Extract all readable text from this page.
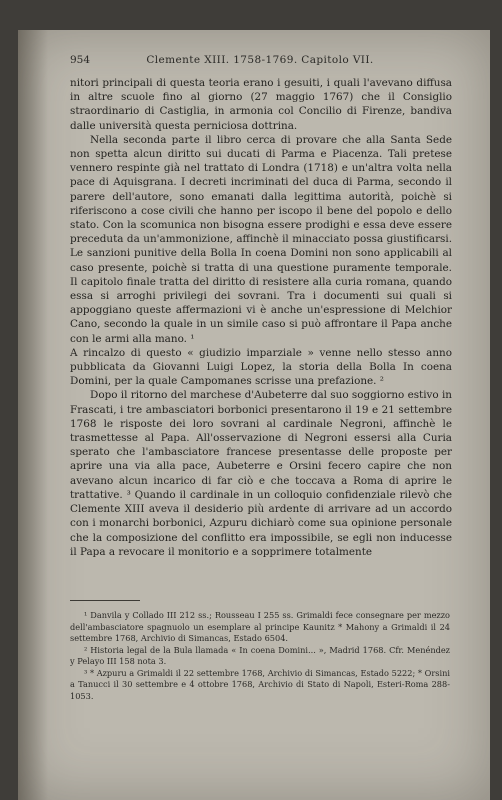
954	Clemente XIII. 1758-1769. Capitolo VII.

nitori principali di questa teoria erano i gesuiti, i quali l'avevano diffusa in altre scuole fino al giorno (27 maggio 1767) che il Consiglio straordinario di Castiglia, in armonia col Concilio di Firenze, bandiva dalle università questa perniciosa dottrina.

Nella seconda parte il libro cerca di provare che alla Santa Sede non spetta alcun diritto sui ducati di Parma e Piacenza. Tali pretese vennero respinte già nel trattato di Londra (1718) e un'altra volta nella pace di Aquisgrana. I decreti incriminati del duca di Parma, secondo il parere dell'autore, sono emanati dalla legittima autorità, poichè si riferiscono a cose civili che hanno per iscopo il bene del popolo e dello stato. Con la scomunica non bisogna essere prodighi e essa deve essere preceduta da un'ammonizione, affinchè il minacciato possa giustificarsi. Le sanzioni punitive della Bolla In coena Domini non sono applicabili al caso presente, poichè si tratta di una questione puramente temporale. Il capitolo finale tratta del diritto di resistere alla curia romana, quando essa si arroghi privilegi dei sovrani. Tra i documenti sui quali si appoggiano queste affermazioni vi è anche un'espressione di Melchior Cano, secondo la quale in un simile caso si può affrontare il Papa anche con le armi alla mano. ¹

A rincalzo di questo « giudizio imparziale » venne nello stesso anno pubblicata da Giovanni Luigi Lopez, la storia della Bolla In coena Domini, per la quale Campomanes scrisse una prefazione. ²

Dopo il ritorno del marchese d'Aubeterre dal suo soggiorno estivo in Frascati, i tre ambasciatori borbonici presentarono il 19 e 21 settembre 1768 le risposte dei loro sovrani al cardinale Negroni, affinchè le trasmettesse al Papa. All'osservazione di Negroni essersi alla Curia sperato che l'ambasciatore francese presentasse delle proposte per aprire una via alla pace, Aubeterre e Orsini fecero capire che non avevano alcun incarico di far ciò e che toccava a Roma di aprire le trattative. ³ Quando il cardinale in un colloquio confidenziale rilevò che Clemente XIII aveva il desiderio più ardente di arrivare ad un accordo con i monarchi borbonici, Azpuru dichiarò come sua opinione personale che la composizione del conflitto era impossibile, se egli non inducesse il Papa a revocare il monitorio e a sopprimere totalmente

¹ Danvila y Collado III 212 ss.; Rousseau I 255 ss. Grimaldi fece consegnare per mezzo dell'ambasciatore spagnuolo un esemplare al principe Kaunitz * Mahony a Grimaldi il 24 settembre 1768, Archivio di Simancas, Estado 6504.

² Historia legal de la Bula llamada « In coena Domini... », Madrid 1768. Cfr. Menéndez y Pelayo III 158 nota 3.

³ * Azpuru a Grimaldi il 22 settembre 1768, Archivio di Simancas, Estado 5222; * Orsini a Tanucci il 30 settembre e 4 ottobre 1768, Archivio di Stato di Napoli, Esteri-Roma 288-1053.
